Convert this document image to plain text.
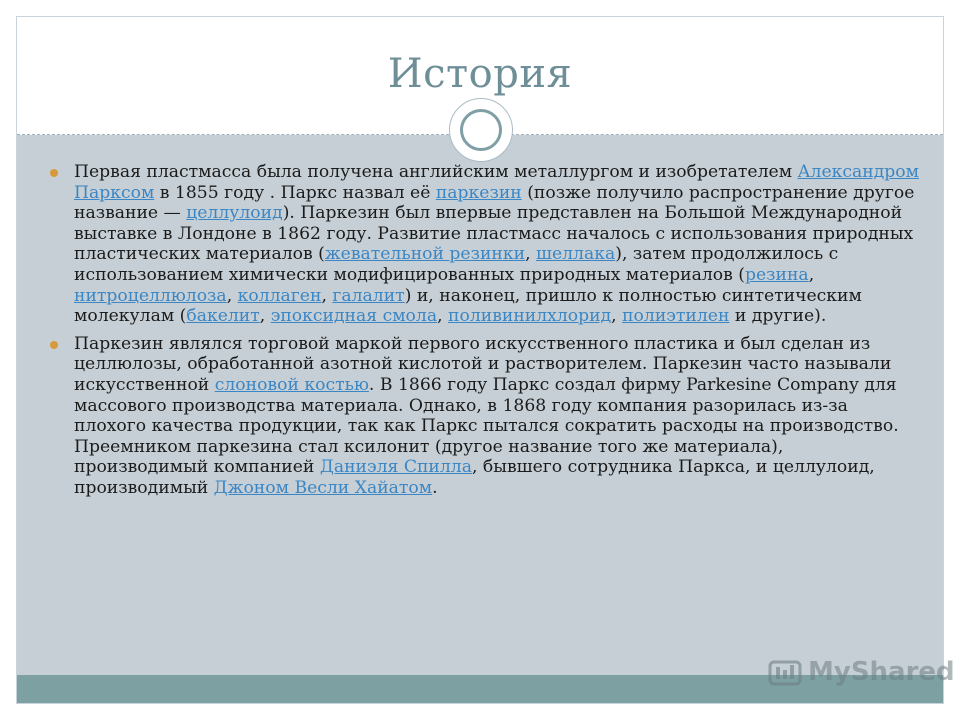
История

Первая пластмасса была получена английским металлургом и изобретателем Александром Парксом в 1855 году . Паркс назвал её паркезин (позже получило распространение другое название — целлулоид). Паркезин был впервые представлен на Большой Международной выставке в Лондоне в 1862 году. Развитие пластмасс началось с использования природных пластических материалов (жевательной резинки, шеллака), затем продолжилось с использованием химически модифицированных природных материалов (резина, нитроцеллюлоза, коллаген, галалит) и, наконец, пришло к полностью синтетическим молекулам (бакелит, эпоксидная смола, поливинилхлорид, полиэтилен и другие).

Паркезин являлся торговой маркой первого искусственного пластика и был сделан из целлюлозы, обработанной азотной кислотой и растворителем. Паркезин часто называли искусственной слоновой костью. В 1866 году Паркс создал фирму Parkesine Company для массового производства материала. Однако, в 1868 году компания разорилась из-за плохого качества продукции, так как Паркс пытался сократить расходы на производство. Преемником паркезина стал ксилонит (другое название того же материала), производимый компанией Даниэля Спилла, бывшего сотрудника Паркса, и целлулоид, производимый Джоном Весли Хайатом.

MyShared
